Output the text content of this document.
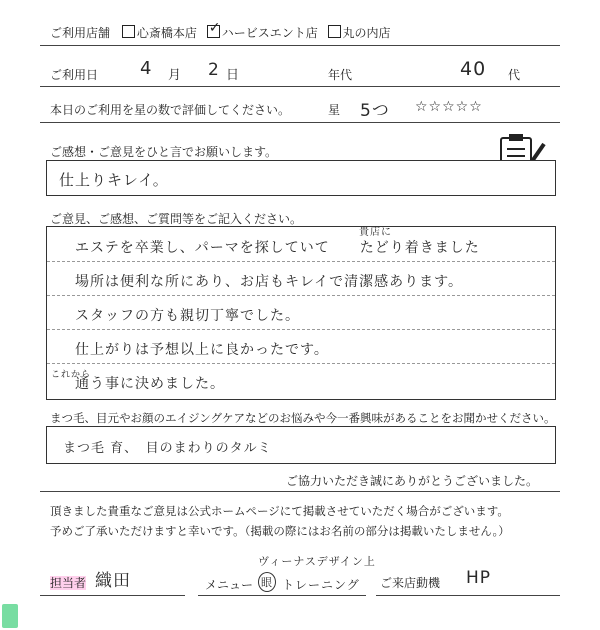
ご利用店舗 心斎橋本店 ✓ ハービスエント店 丸の内店
ご利用日 4 月 2 日	年代	40 代
本日のご利用を星の数で評価してください。	星 5つ ☆☆☆☆☆
ご感想・ご意見をひと言でお願いします。
仕上りキレイ。
ご意見、ご感想、ご質問等をご記入ください。
貴店に
エステを卒業し、パーマを探していて　　たどり着きました
場所は便利な所にあり、お店もキレイで清潔感あります。
スタッフの方も親切丁寧でした。
仕上がりは予想以上に良かったです。
これから
通う事に決めました。
まつ毛、目元やお顔のエイジングケアなどのお悩みや今一番興味があることをお聞かせください。
まつ毛 育、　目のまわりのタルミ
ご協力いただき誠にありがとうございました。
頂きました貴重なご意見は公式ホームページにて掲載させていただく場合がございます。
予めご了承いただけますと幸いです。（掲載の際にはお名前の部分は掲載いたしません。）
担当者 織田
ヴィーナスデザイン上
メニュー 眼 トレーニング ご来店動機 HP
